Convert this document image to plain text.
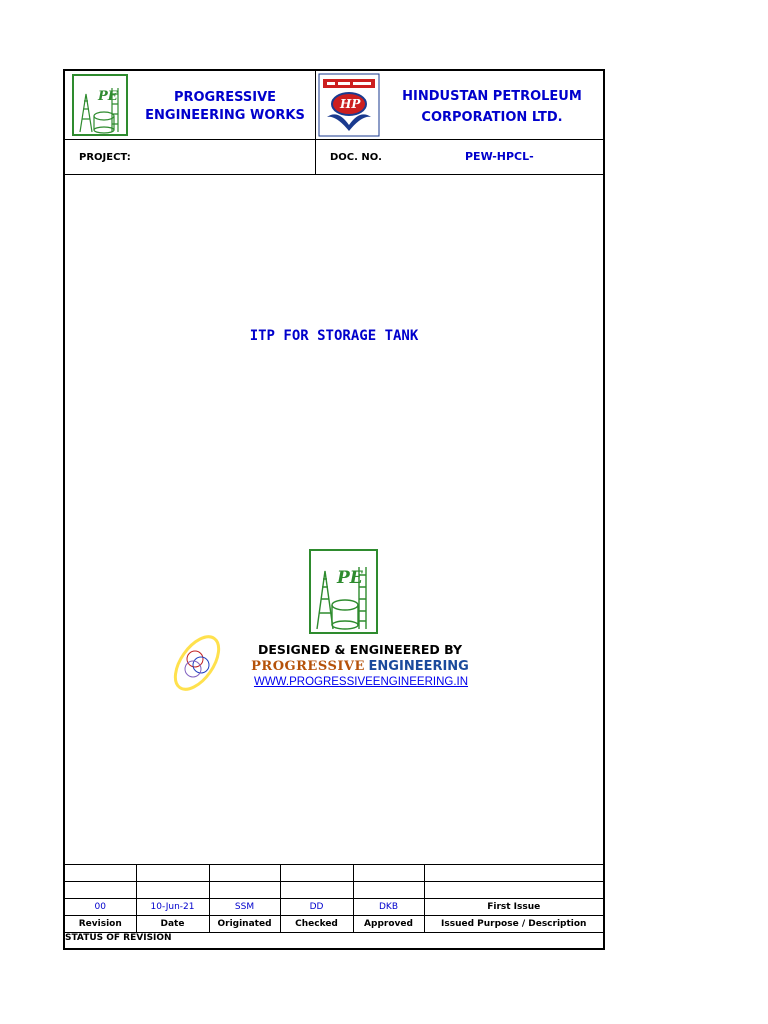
PE	PROGRESSIVE
ENGINEERING WORKS
HP	HINDUSTAN PETROLEUM
CORPORATION LTD.
PROJECT:	DOC. NO.	PEW-HPCL-
ITP FOR STORAGE TANK
PE
DESIGNED & ENGINEERED BY
PROGRESSIVE ENGINEERING
WWW.PROGRESSIVEENGINEERING.IN

00	10-Jun-21	SSM	DD	DKB	First Issue
Revision	Date	Originated	Checked	Approved	Issued Purpose / Description
STATUS OF REVISION
